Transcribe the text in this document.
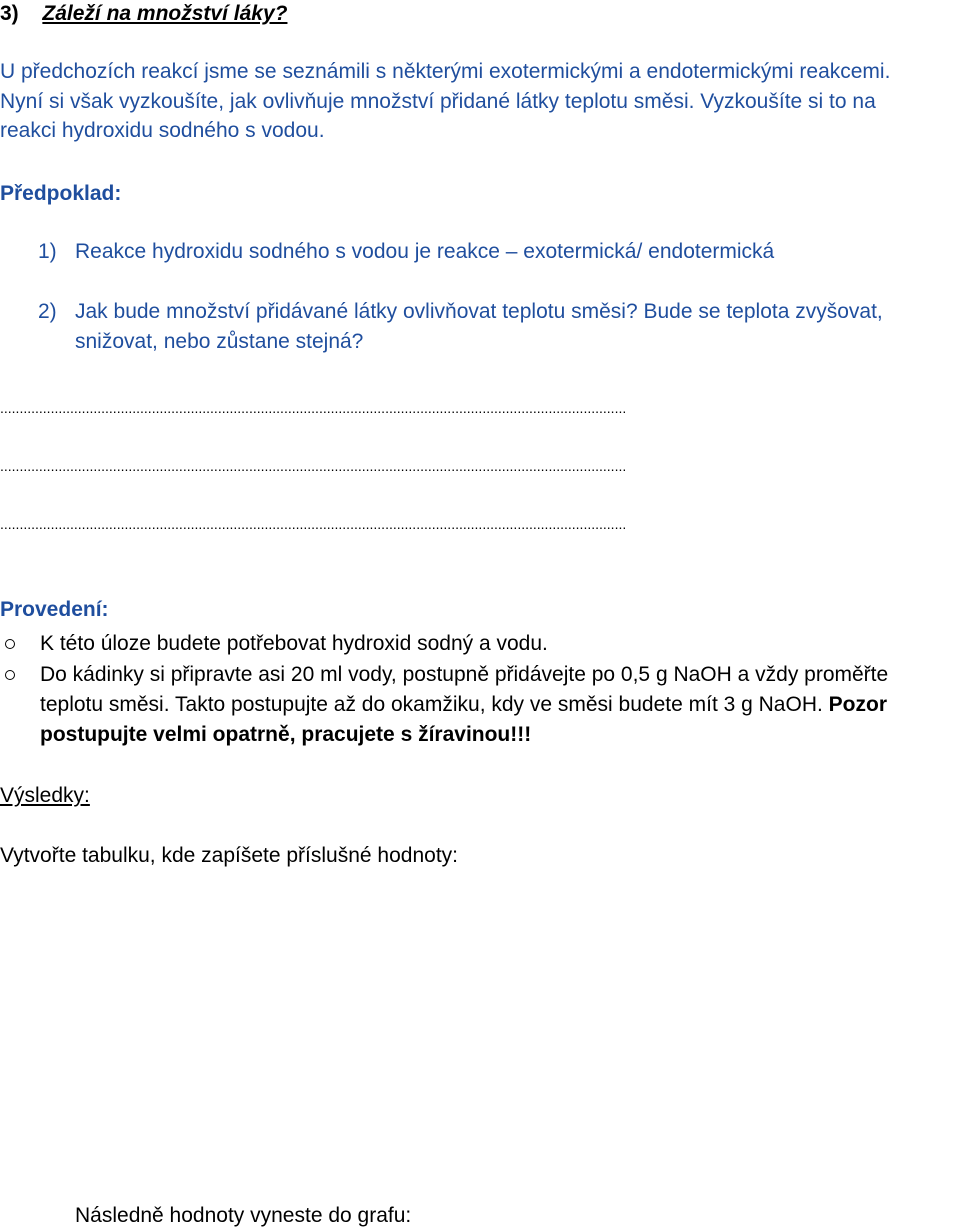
3) Záleží na množství láky?
U předchozích reakcí jsme se seznámili s některými exotermickými a endotermickými reakcemi.
Nyní si však vyzkoušíte, jak ovlivňuje množství přidané látky teplotu směsi. Vyzkoušíte si to na
reakci hydroxidu sodného s vodou.
Předpoklad:
1) Reakce hydroxidu sodného s vodou je reakce – exotermická/ endotermická
2) Jak bude množství přidávané látky ovlivňovat teplotu směsi? Bude se teplota zvyšovat,
snižovat, nebo zůstane stejná?
.................................................................................................................................................................
.................................................................................................................................................................
.................................................................................................................................................................
Provedení:
K této úloze budete potřebovat hydroxid sodný a vodu.
Do kádinky si připravte asi 20 ml vody, postupně přidávejte po 0,5 g NaOH a vždy proměřte
teplotu směsi. Takto postupujte až do okamžiku, kdy ve směsi budete mít 3 g NaOH. Pozor
postupujte velmi opatrně, pracujete s žíravinou!!!
Výsledky:
Vytvořte tabulku, kde zapíšete příslušné hodnoty:
Následně hodnoty vyneste do grafu:
